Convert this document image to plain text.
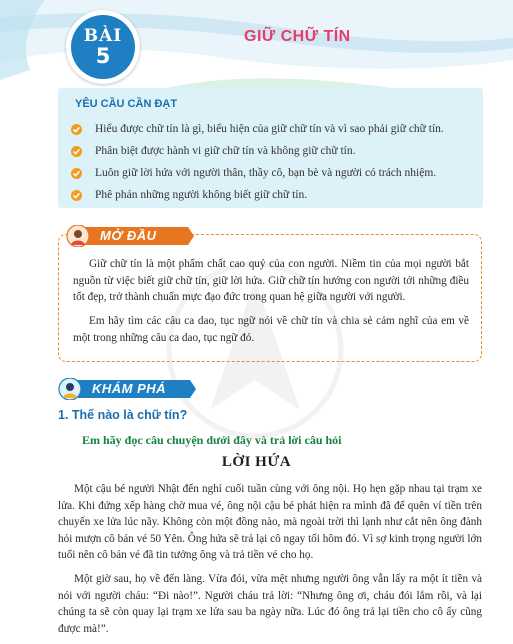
BÀI
5
GIỮ CHỮ TÍN
YÊU CẦU CẦN ĐẠT
Hiểu được chữ tín là gì, biểu hiện của giữ chữ tín và vì sao phải giữ chữ tín.
Phân biệt được hành vi giữ chữ tín và không giữ chữ tín.
Luôn giữ lời hứa với người thân, thầy cô, bạn bè và người có trách nhiệm.
Phê phán những người không biết giữ chữ tín.
MỞ ĐẦU
Giữ chữ tín là một phẩm chất cao quý của con người. Niềm tin của mọi người bắt nguồn từ việc biết giữ chữ tín, giữ lời hứa. Giữ chữ tín hướng con người tới những điều tốt đẹp, trở thành chuẩn mực đạo đức trong quan hệ giữa người với người.
Em hãy tìm các câu ca dao, tục ngữ nói về chữ tín và chia sẻ cảm nghĩ của em về một trong những câu ca dao, tục ngữ đó.
KHÁM PHÁ
1. Thế nào là chữ tín?
Em hãy đọc câu chuyện dưới đây và trả lời câu hỏi
LỜI HỨA
Một cậu bé người Nhật đến nghỉ cuối tuần cùng với ông nội. Họ hẹn gặp nhau tại trạm xe lửa. Khi đứng xếp hàng chờ mua vé, ông nội cậu bé phát hiện ra mình đã để quên ví tiền trên chuyến xe lửa lúc nãy. Không còn một đồng nào, mà ngoài trời thì lạnh như cắt nên ông đành hỏi mượn cô bán vé 50 Yên. Ông hứa sẽ trả lại cô ngay tối hôm đó. Vì sợ kinh trọng người lớn tuổi nên cô bán vé đã tin tưởng ông và trả tiền vé cho họ.
Một giờ sau, họ về đến làng. Vừa đói, vừa mệt nhưng người ông vẫn lấy ra một ít tiền và nói với người cháu: “Đi nào!”. Người cháu trả lời: “Nhưng ông ơi, cháu đói lắm rồi, và lại chúng ta sẽ còn quay lại trạm xe lửa sau ba ngày nữa. Lúc đó ông trả lại tiền cho cô ấy cũng được mà!”.
